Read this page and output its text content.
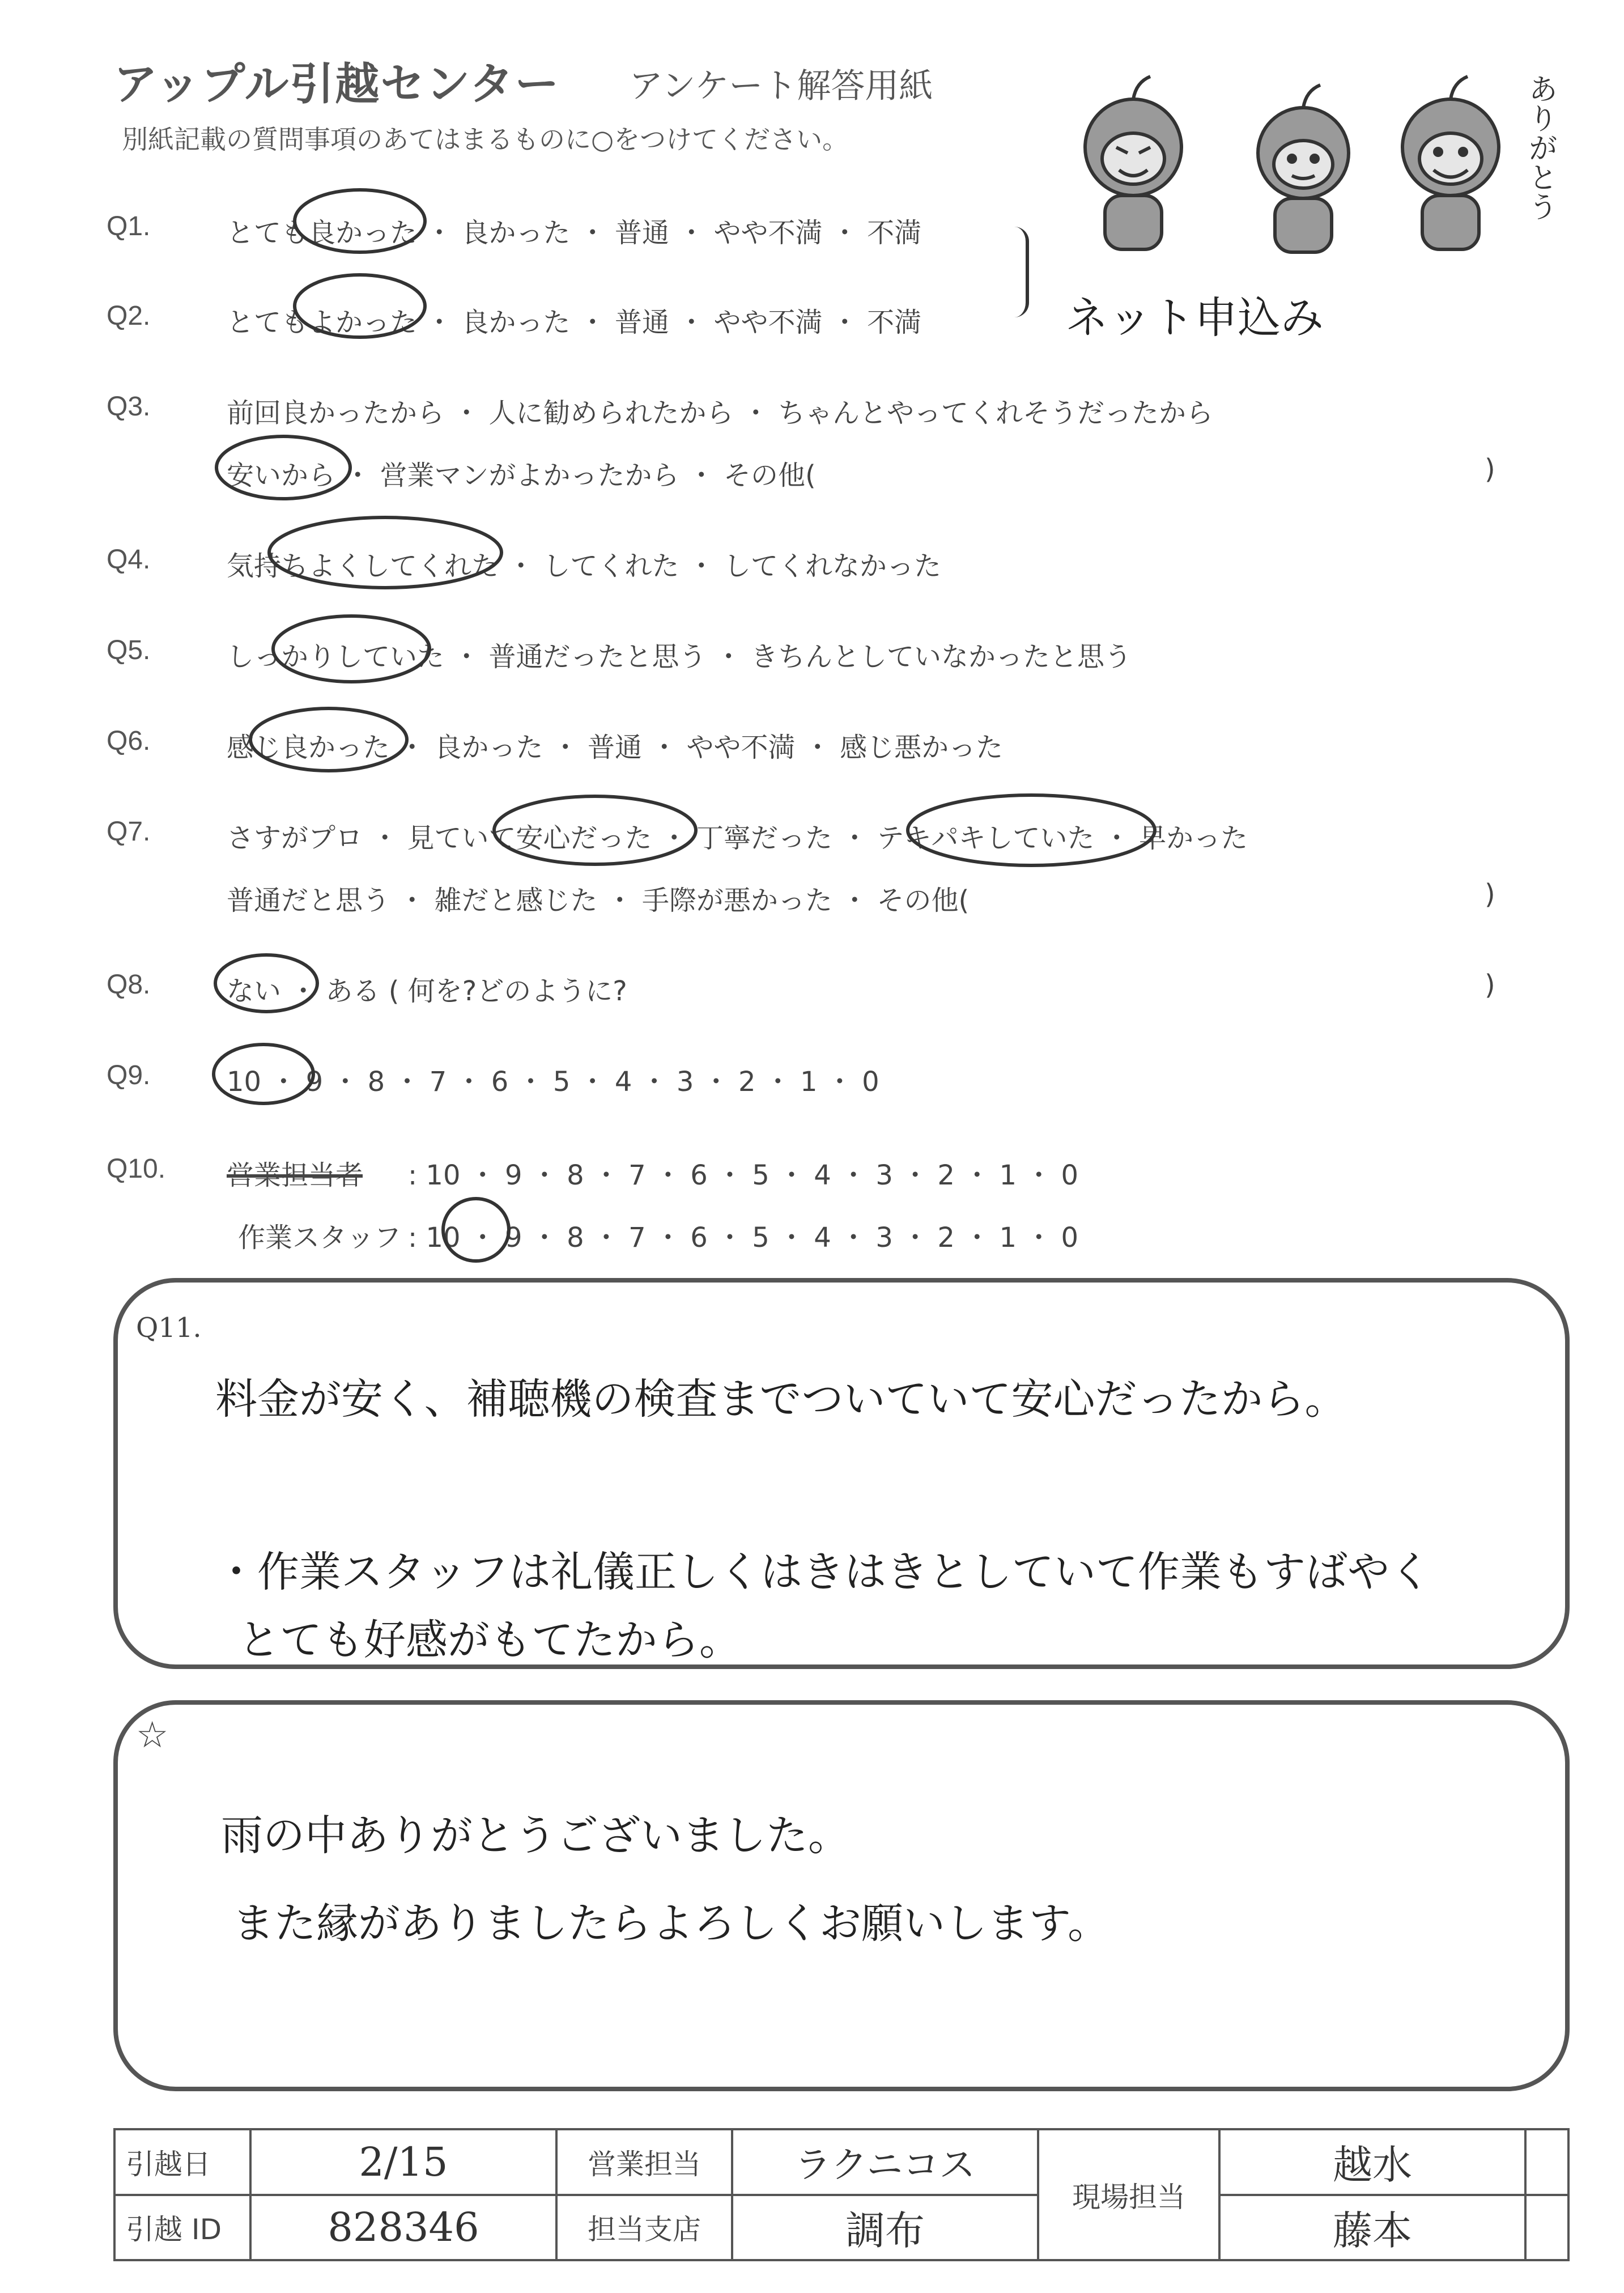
アップル引越センター アンケート解答用紙
別紙記載の質問事項のあてはまるものに○をつけてください。	ありがとう
Q1.	とても良かった ・ 良かった ・ 普通 ・ やや不満 ・ 不満
Q2.	とてもよかった ・ 良かった ・ 普通 ・ やや不満 ・ 不満	ネット申込み
Q3.	前回良かったから ・ 人に勧められたから ・ ちゃんとやってくれそうだったから
安いから ・ 営業マンがよかったから ・ その他(	)
Q4.	気持ちよくしてくれた ・ してくれた ・ してくれなかった
Q5.	しっかりしていた ・ 普通だったと思う ・ きちんとしていなかったと思う
Q6.	感じ良かった ・ 良かった ・ 普通 ・ やや不満 ・ 感じ悪かった
Q7.	さすがプロ ・ 見ていて安心だった ・ 丁寧だった ・ テキパキしていた ・ 早かった
普通だと思う ・ 雑だと感じた ・ 手際が悪かった ・ その他(	)
Q8.	ない ・ ある ( 何を?どのように?	)
Q9.	10 ・ 9 ・ 8 ・ 7 ・ 6 ・ 5 ・ 4 ・ 3 ・ 2 ・ 1 ・ 0
Q10. 営業担当者 : 10 ・ 9 ・ 8 ・ 7 ・ 6 ・ 5 ・ 4 ・ 3 ・ 2 ・ 1 ・ 0
作業スタッフ : 10 ・ 9 ・ 8 ・ 7 ・ 6 ・ 5 ・ 4 ・ 3 ・ 2 ・ 1 ・ 0
Q11.
料金が安く、補聴機の検査までついていて安心だったから。
・作業スタッフは礼儀正しくはきはきとしていて作業もすばやく
とても好感がもてたから。
☆
雨の中ありがとうございました。
また縁がありましたらよろしくお願いします。
引越日	2/15	営業担当	ラクニコス	現場担当	越水	
引越 ID	828346	担当支店	調布		藤本	
